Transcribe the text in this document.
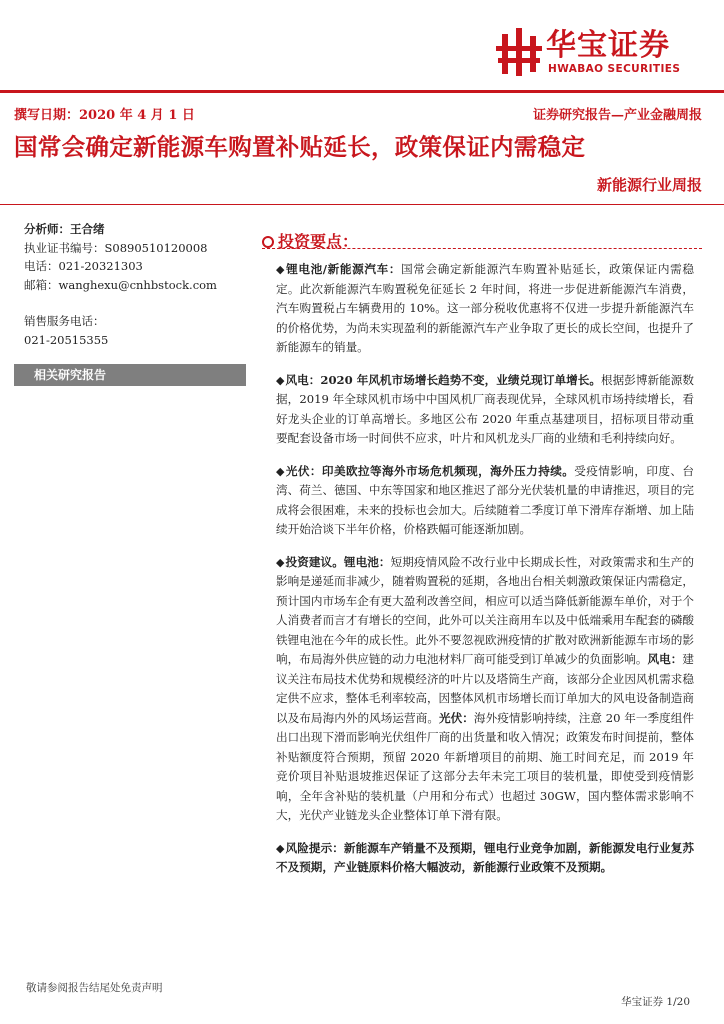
华宝证券
HWABAO SECURITIES
撰写日期：2020 年 4 月 1 日	证券研究报告—产业金融周报
国常会确定新能源车购置补贴延长，政策保证内需稳定
新能源行业周报
分析师：王合绪
执业证书编号：S0890510120008
电话：021-20321303
邮箱：wanghexu@cnhbstock.com
销售服务电话：
021-20515355
相关研究报告
投资要点：

◆锂电池/新能源汽车：国常会确定新能源汽车购置补贴延长，政策保证内需稳定。此次新能源汽车购置税免征延长 2 年时间，将进一步促进新能源汽车消费，汽车购置税占车辆费用的 10%。这一部分税收优惠将不仅进一步提升新能源汽车的价格优势，为尚未实现盈利的新能源汽车产业争取了更长的成长空间，也提升了新能源车的销量。

◆风电：2020 年风机市场增长趋势不变，业绩兑现订单增长。根据彭博新能源数据，2019 年全球风机市场中中国风机厂商表现优异，全球风机市场持续增长，看好龙头企业的订单高增长。多地区公布 2020 年重点基建项目，招标项目带动重要配套设备市场一时间供不应求，叶片和风机龙头厂商的业绩和毛利持续向好。

◆光伏：印美欧拉等海外市场危机频现，海外压力持续。受疫情影响，印度、台湾、荷兰、德国、中东等国家和地区推迟了部分光伏装机量的申请推迟，项目的完成将会很困难，未来的投标也会加大。后续随着二季度订单下滑库存渐增、加上陆续开始洽谈下半年价格，价格跌幅可能逐渐加剧。

◆投资建议。锂电池：短期疫情风险不改行业中长期成长性，对政策需求和生产的影响是递延而非减少，随着购置税的延期，各地出台相关刺激政策保证内需稳定，预计国内市场车企有更大盈利改善空间，相应可以适当降低新能源车单价，对于个人消费者而言才有增长的空间，此外可以关注商用车以及中低端乘用车配套的磷酸铁锂电池在今年的成长性。此外不要忽视欧洲疫情的扩散对欧洲新能源车市场的影响，布局海外供应链的动力电池材料厂商可能受到订单减少的负面影响。风电：建议关注布局技术优势和规模经济的叶片以及塔筒生产商，该部分企业因风机需求稳定供不应求，整体毛利率较高，因整体风机市场增长而订单加大的风电设备制造商以及布局海内外的风场运营商。光伏：海外疫情影响持续，注意 20 年一季度组件出口出现下滑而影响光伏组件厂商的出货量和收入情况；政策发布时间提前，整体补贴额度符合预期，预留 2020 年新增项目的前期、施工时间充足，而 2019 年竞价项目补贴退坡推迟保证了这部分去年未完工项目的装机量，即使受到疫情影响，全年含补贴的装机量（户用和分布式）也超过 30GW，国内整体需求影响不大，光伏产业链龙头企业整体订单下滑有限。

◆风险提示：新能源车产销量不及预期，锂电行业竞争加剧，新能源发电行业复苏不及预期，产业链原料价格大幅波动，新能源行业政策不及预期。

敬请参阅报告结尾处免责声明
华宝证券 1/20
